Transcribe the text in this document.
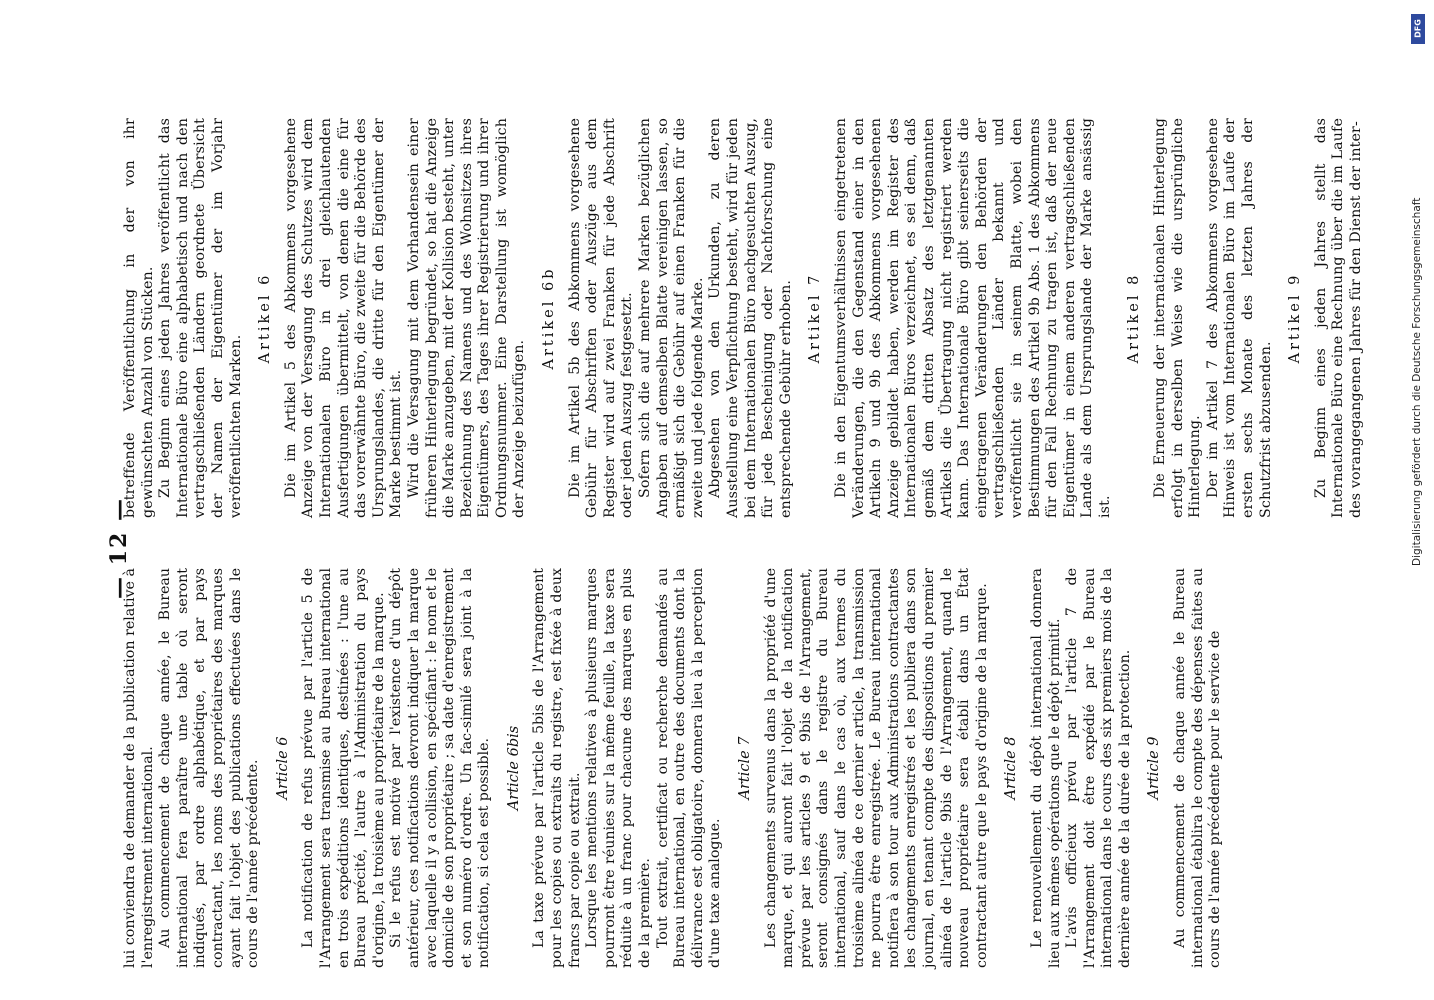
— 12 —

lui conviendra de demander de la publication relative à l'enregistrement international. Au commencement de chaque année, le Bureau international fera paraître une table où seront indiqués, par ordre alphabétique, et par pays contractant, les noms des propriétaires des marques ayant fait l'objet des publications effectuées dans le cours de l'année précédente. Article 6 La notification de refus prévue par l'article 5 de l'Arrangement sera transmise au Bureau international en trois expéditions identiques, destinées : l'une au Bureau précité, l'autre à l'Administration du pays d'origine, la troisième au propriétaire de la marque. Si le refus est motivé par l'existence d'un dépôt antérieur, ces notifications devront indiquer la marque avec laquelle il y a collision, en spécifiant : le nom et le domicile de son propriétaire ; sa date d'enregistrement et son numéro d'ordre. Un fac-similé sera joint à la notification, si cela est possible. Article 6bis La taxe prévue par l'article 5bis de l'Arrangement pour les copies ou extraits du registre, est fixée à deux francs par copie ou extrait. Lorsque les mentions relatives à plusieurs marques pourront être réunies sur la même feuille, la taxe sera réduite à un franc pour chacune des marques en plus de la première. Tout extrait, certificat ou recherche demandés au Bureau international, en outre des documents dont la délivrance est obligatoire, donnera lieu à la perception d'une taxe analogue.

Article 7 Les changements survenus dans la propriété d'une marque, et qui auront fait l'objet de la notification prévue par les articles 9 et 9bis de l'Arrangement, seront consignés dans le registre du Bureau international, sauf dans le cas où, aux termes du troisième alinéa de ce dernier article, la transmission ne pourra être enregistrée. Le Bureau international notifiera à son tour aux Administrations contractantes les changements enregistrés et les publiera dans son journal, en tenant compte des dispositions du premier alinéa de l'article 9bis de l'Arrangement, quand le nouveau propriétaire sera établi dans un État contractant autre que le pays d'origine de la marque. Article 8 Le renouvellement du dépôt international donnera lieu aux mêmes opérations que le dépôt primitif. L'avis officieux prévu par l'article 7 de l'Arrangement doit être expédié par le Bureau international dans le cours des six premiers mois de la dernière année de la durée de la protection. Article 9 Au commencement de chaque année le Bureau international établira le compte des dépenses faites au cours de l'année précédente pour le service de

betreffende Veröffentlichung in der von ihr gewünschten Anzahl von Stücken. Zu Beginn eines jeden Jahres veröffentlicht das Internationale Büro eine alphabetisch und nach den vertragschließenden Ländern geordnete Übersicht der Namen der Eigentümer der im Vorjahr veröffentlichten Marken.

Artikel 6 Die im Artikel 5 des Abkommens vorgesehene Anzeige von der Versagung des Schutzes wird dem Internationalen Büro in drei gleichlautenden Ausfertigungen übermittelt, von denen die eine für das vorerwähnte Büro, die zweite für die Behörde des Ursprungslandes, die dritte für den Eigentümer der Marke bestimmt ist. Wird die Versagung mit dem Vorhandensein einer früheren Hinterlegung begründet, so hat die Anzeige die Marke anzugeben, mit der Kollision besteht, unter Bezeichnung des Namens und des Wohnsitzes ihres Eigentümers, des Tages ihrer Registrierung und ihrer Ordnungsnummer. Eine Darstellung ist womöglich der Anzeige beizufügen.

Artikel 6b Die im Artikel 5b des Abkommens vorgesehene Gebühr für Abschriften oder Auszüge aus dem Register wird auf zwei Franken für jede Abschrift oder jeden Auszug festgesetzt. Sofern sich die auf mehrere Marken bezüglichen Angaben auf demselben Blatte vereinigen lassen, so ermäßigt sich die Gebühr auf einen Franken für die zweite und jede folgende Marke. Abgesehen von den Urkunden, zu deren Ausstellung eine Verpflichtung besteht, wird für jeden bei dem Internationalen Büro nachgesuchten Auszug, für jede Bescheinigung oder Nachforschung eine entsprechende Gebühr erhoben. Artikel 7 Die in den Eigentumsverhältnissen eingetretenen Veränderungen, die den Gegenstand einer in den Artikeln 9 und 9b des Abkommens vorgesehenen Anzeige gebildet haben, werden im Register des Internationalen Büros verzeichnet, es sei denn, daß gemäß dem dritten Absatz des letztgenannten Artikels die Übertragung nicht registriert werden kann. Das Internationale Büro gibt seinerseits die eingetragenen Veränderungen den Behörden der vertragschließenden Länder bekannt und veröffentlicht sie in seinem Blatte, wobei den Bestimmungen des Artikel 9b Abs. 1 des Abkommens für den Fall Rechnung zu tragen ist, daß der neue Eigentümer in einem anderen vertragschließenden Lande als dem Ursprungslande der Marke ansässig ist.

Artikel 8 Die Erneuerung der internationalen Hinterlegung erfolgt in derselben Weise wie die ursprüngliche Hinterlegung. Der im Artikel 7 des Abkommens vorgesehene Hinweis ist vom Internationalen Büro im Laufe der ersten sechs Monate des letzten Jahres der Schutzfrist abzusenden.

Artikel 9 Zu Beginn eines jeden Jahres stellt das Internationale Büro eine Rechnung über die im Laufe des vorangegangenen Jahres für den Dienst der inter-

DFG
Digitalisierung gefördert durch die Deutsche Forschungsgemeinschaft
